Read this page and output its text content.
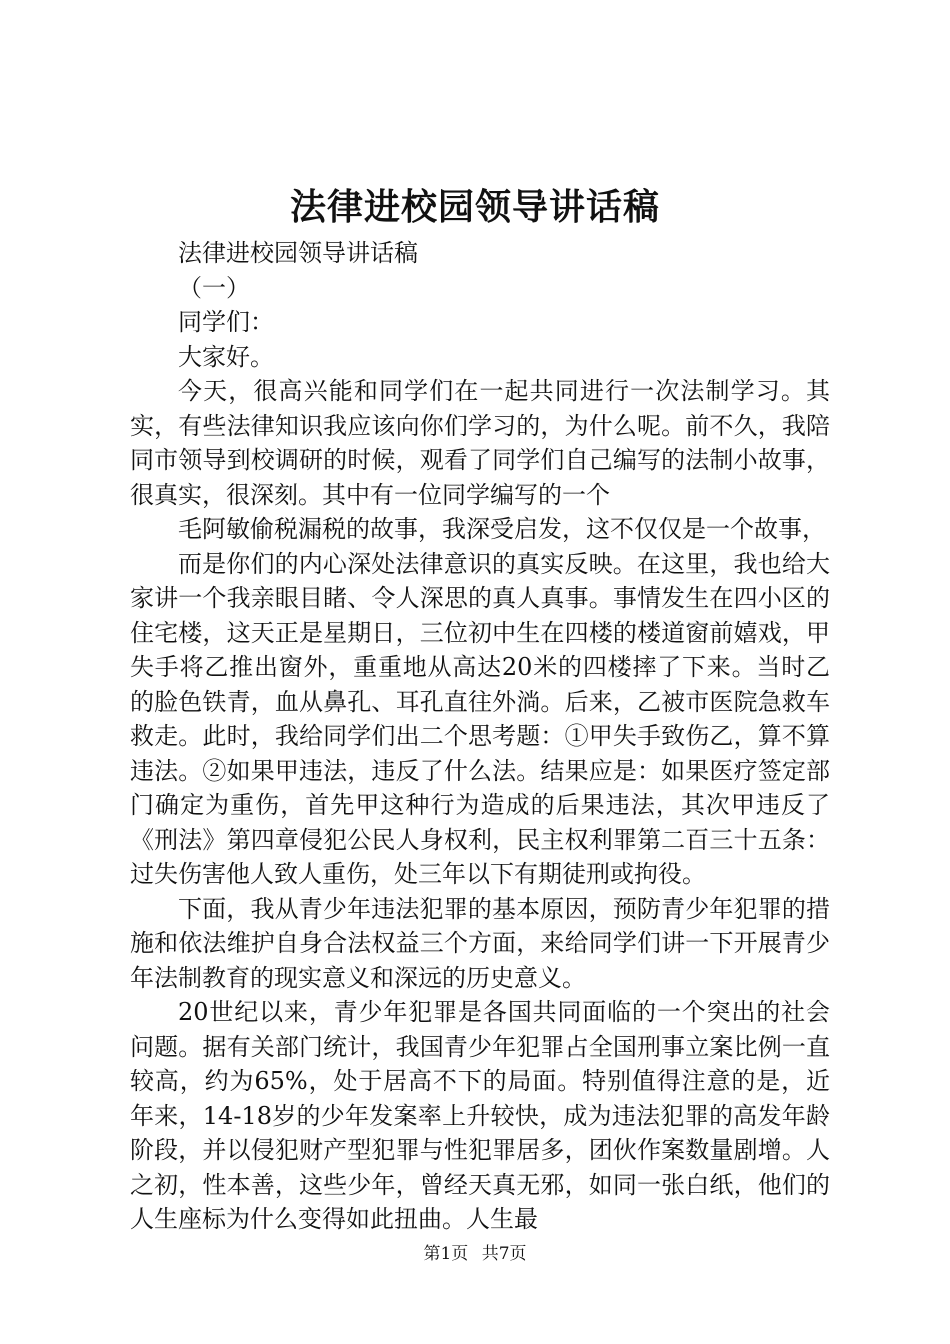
法律进校园领导讲话稿

法律进校园领导讲话稿

（一）

同学们：

大家好。

今天，很高兴能和同学们在一起共同进行一次法制学习。其实，有些法律知识我应该向你们学习的，为什么呢。前不久，我陪同市领导到校调研的时候，观看了同学们自己编写的法制小故事，很真实，很深刻。其中有一位同学编写的一个

毛阿敏偷税漏税的故事，我深受启发，这不仅仅是一个故事，

而是你们的内心深处法律意识的真实反映。在这里，我也给大家讲一个我亲眼目睹、令人深思的真人真事。事情发生在四小区的住宅楼，这天正是星期日，三位初中生在四楼的楼道窗前嬉戏，甲失手将乙推出窗外，重重地从高达20米的四楼摔了下来。当时乙的脸色铁青，血从鼻孔、耳孔直往外淌。后来，乙被市医院急救车救走。此时，我给同学们出二个思考题：①甲失手致伤乙，算不算违法。②如果甲违法，违反了什么法。结果应是：如果医疗签定部门确定为重伤，首先甲这种行为造成的后果违法，其次甲违反了《刑法》第四章侵犯公民人身权利，民主权利罪第二百三十五条：过失伤害他人致人重伤，处三年以下有期徒刑或拘役。

下面，我从青少年违法犯罪的基本原因，预防青少年犯罪的措施和依法维护自身合法权益三个方面，来给同学们讲一下开展青少年法制教育的现实意义和深远的历史意义。

20世纪以来，青少年犯罪是各国共同面临的一个突出的社会问题。据有关部门统计，我国青少年犯罪占全国刑事立案比例一直较高，约为65%，处于居高不下的局面。特别值得注意的是，近年来，14-18岁的少年发案率上升较快，成为违法犯罪的高发年龄阶段，并以侵犯财产型犯罪与性犯罪居多，团伙作案数量剧增。人之初，性本善，这些少年，曾经天真无邪，如同一张白纸，他们的人生座标为什么变得如此扭曲。人生最

第1页 共7页
